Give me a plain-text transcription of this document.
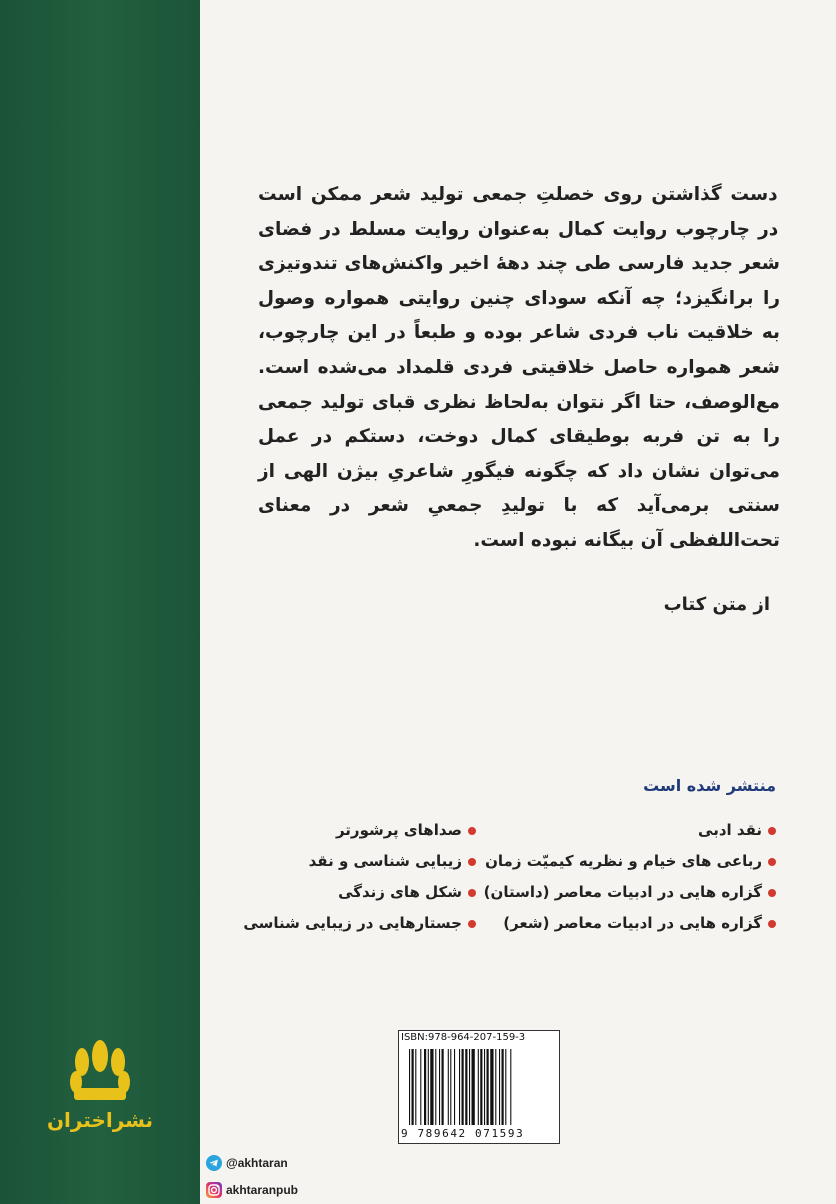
نشراختران

دست گذاشتن روی خصلتِ جمعی تولید شعر ممکن است در چارچوب روایت کمال به‌عنوان روایت مسلط در فضای شعر جدید فارسی طی چند دههٔ اخیر واکنش‌های تندوتیزی را برانگیزد؛ چه آنکه سودای چنین روایتی همواره وصول به خلاقیت ناب فردی شاعر بوده و طبعاً در این چارچوب، شعر همواره حاصل خلاقیتی فردی قلمداد می‌شده است. مع‌الوصف، حتا اگر نتوان به‌لحاظ نظری قبای تولید جمعی را به تن فربه بوطیقای کمال دوخت، دستکم در عمل می‌توان نشان داد که چگونه فیگورِ شاعریِ بیژن الهی از سنتی برمی‌آید که با تولیدِ جمعیِ شعر در معنای تحت‌اللفظی آن بیگانه نبوده است.

از متن کتاب
منتشر شده است
نقد ادبی
رباعی های خیام و نظریه کیمیّت زمان
گزاره هایی در ادبیات معاصر (داستان)
گزاره هایی در ادبیات معاصر (شعر)
صداهای پرشورتر
زیبایی شناسی و نقد
شکل های زندگی
جستارهایی در زیبایی شناسی
ISBN:978-964-207-159-3
9 789642 071593
@akhtaran
akhtaranpub
